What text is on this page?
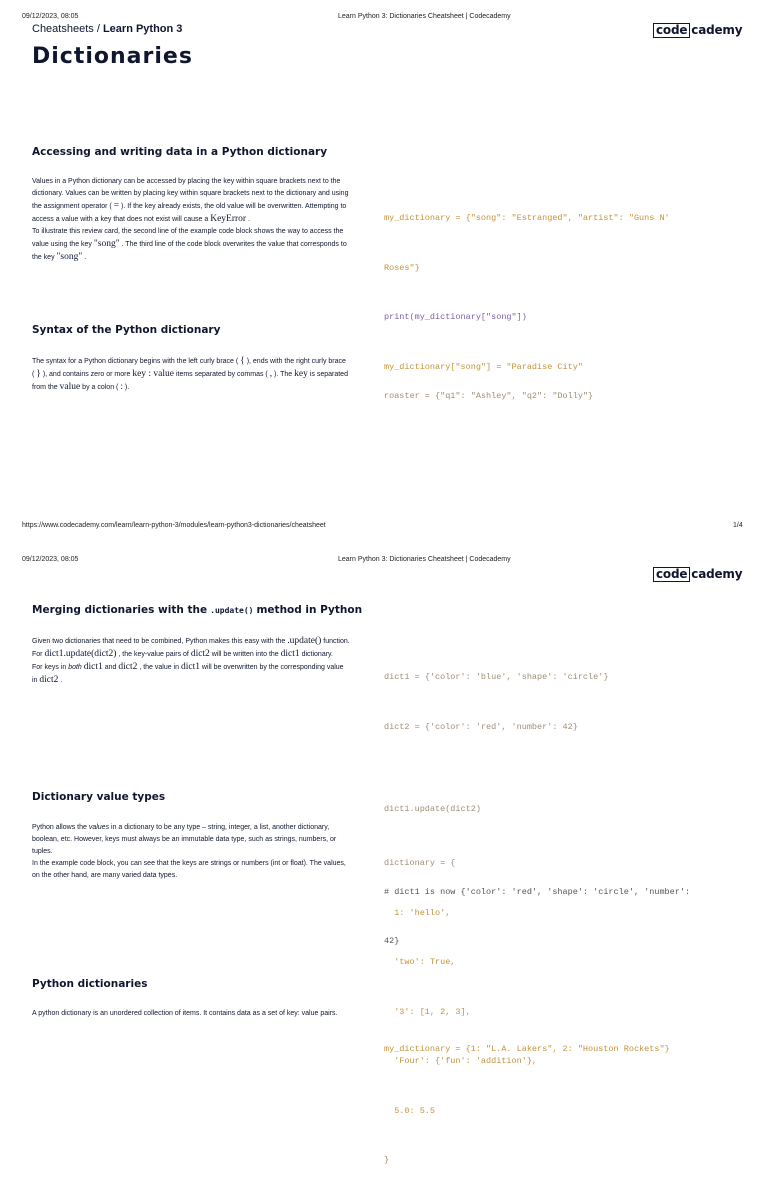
09/12/2023, 08:05	Learn Python 3: Dictionaries Cheatsheet | Codecademy
Cheatsheets / Learn Python 3	code cademy
Dictionaries
Accessing and writing data in a Python dictionary

Values in a Python dictionary can be accessed by placing the key within square brackets next to the dictionary. Values can be written by placing key within square brackets next to the dictionary and using the assignment operator ( = ). If the key already exists, the old value will be overwritten. Attempting to access a value with a key that does not exist will cause a KeyError .

To illustrate this review card, the second line of the example code block shows the way to access the value using the key "song" . The third line of the code block overwrites the value that corresponds to the key "song" .

my_dictionary = {"song": "Estranged", "artist": "Guns N'

Roses"}

print(my_dictionary["song"])

my_dictionary["song"] = "Paradise City"

Syntax of the Python dictionary

The syntax for a Python dictionary begins with the left curly brace ( { ), ends with the right curly brace ( } ), and contains zero or more key : value items separated by commas ( , ). The key is separated from the value by a colon ( : ).

roaster = {"q1": "Ashley", "q2": "Dolly"}

https://www.codecademy.com/learn/learn-python-3/modules/learn-python3-dictionaries/cheatsheet	1/4
09/12/2023, 08:05	Learn Python 3: Dictionaries Cheatsheet | Codecademy
code cademy
Merging dictionaries with the .update() method in Python

Given two dictionaries that need to be combined, Python makes this easy with the .update() function.

For dict1.update(dict2) , the key-value pairs of dict2 will be written into the dict1 dictionary.

For keys in both dict1 and dict2 , the value in dict1 will be overwritten by the corresponding value in dict2 .

	dict1 = {'color': 'blue', 'shape': 'circle'}

dict2 = {'color': 'red', 'number': 42}

dict1.update(dict2)

# dict1 is now {'color': 'red', 'shape': 'circle', 'number':

42}

Dictionary value types

Python allows the values in a dictionary to be any type – string, integer, a list, another dictionary, boolean, etc. However, keys must always be an immutable data type, such as strings, numbers, or tuples.

In the example code block, you can see that the keys are strings or numbers (int or float). The values, on the other hand, are many varied data types.

dictionary = {

1: 'hello',

'two': True,

'3': [1, 2, 3],

'Four': {'fun': 'addition'},

5.0: 5.5

}

Python dictionaries

A python dictionary is an unordered collection of items. It contains data as a set of key: value pairs.

my_dictionary = {1: "L.A. Lakers", 2: "Houston Rockets"}
